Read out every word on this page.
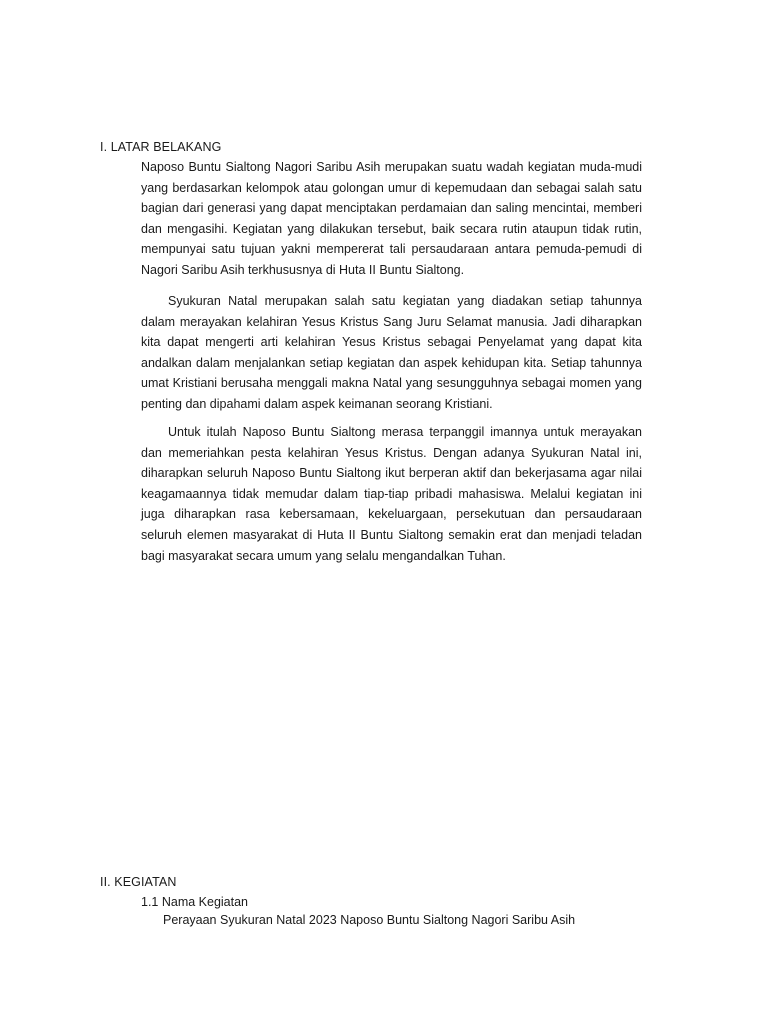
I. LATAR BELAKANG

Naposo Buntu Sialtong Nagori Saribu Asih merupakan suatu wadah kegiatan muda-mudi yang berdasarkan kelompok atau golongan umur di kepemudaan dan sebagai salah satu bagian dari generasi yang dapat menciptakan perdamaian dan saling mencintai, memberi dan mengasihi. Kegiatan yang dilakukan tersebut, baik secara rutin ataupun tidak rutin, mempunyai satu tujuan yakni mempererat tali persaudaraan antara pemuda-pemudi di Nagori Saribu Asih terkhususnya di Huta II Buntu Sialtong.

Syukuran Natal merupakan salah satu kegiatan yang diadakan setiap tahunnya dalam merayakan kelahiran Yesus Kristus Sang Juru Selamat manusia. Jadi diharapkan kita dapat mengerti arti kelahiran Yesus Kristus sebagai Penyelamat yang dapat kita andalkan dalam menjalankan setiap kegiatan dan aspek kehidupan kita. Setiap tahunnya umat Kristiani berusaha menggali makna Natal yang sesungguhnya sebagai momen yang penting dan dipahami dalam aspek keimanan seorang Kristiani.

Untuk itulah Naposo Buntu Sialtong merasa terpanggil imannya untuk merayakan dan memeriahkan pesta kelahiran Yesus Kristus. Dengan adanya Syukuran Natal ini, diharapkan seluruh Naposo Buntu Sialtong ikut berperan aktif dan bekerjasama agar nilai keagamaannya tidak memudar dalam tiap-tiap pribadi mahasiswa. Melalui kegiatan ini juga diharapkan rasa kebersamaan, kekeluargaan, persekutuan dan persaudaraan seluruh elemen masyarakat di Huta II Buntu Sialtong semakin erat dan menjadi teladan bagi masyarakat secara umum yang selalu mengandalkan Tuhan.

II. KEGIATAN
1.1 Nama Kegiatan
Perayaan Syukuran Natal 2023 Naposo Buntu Sialtong Nagori Saribu Asih
